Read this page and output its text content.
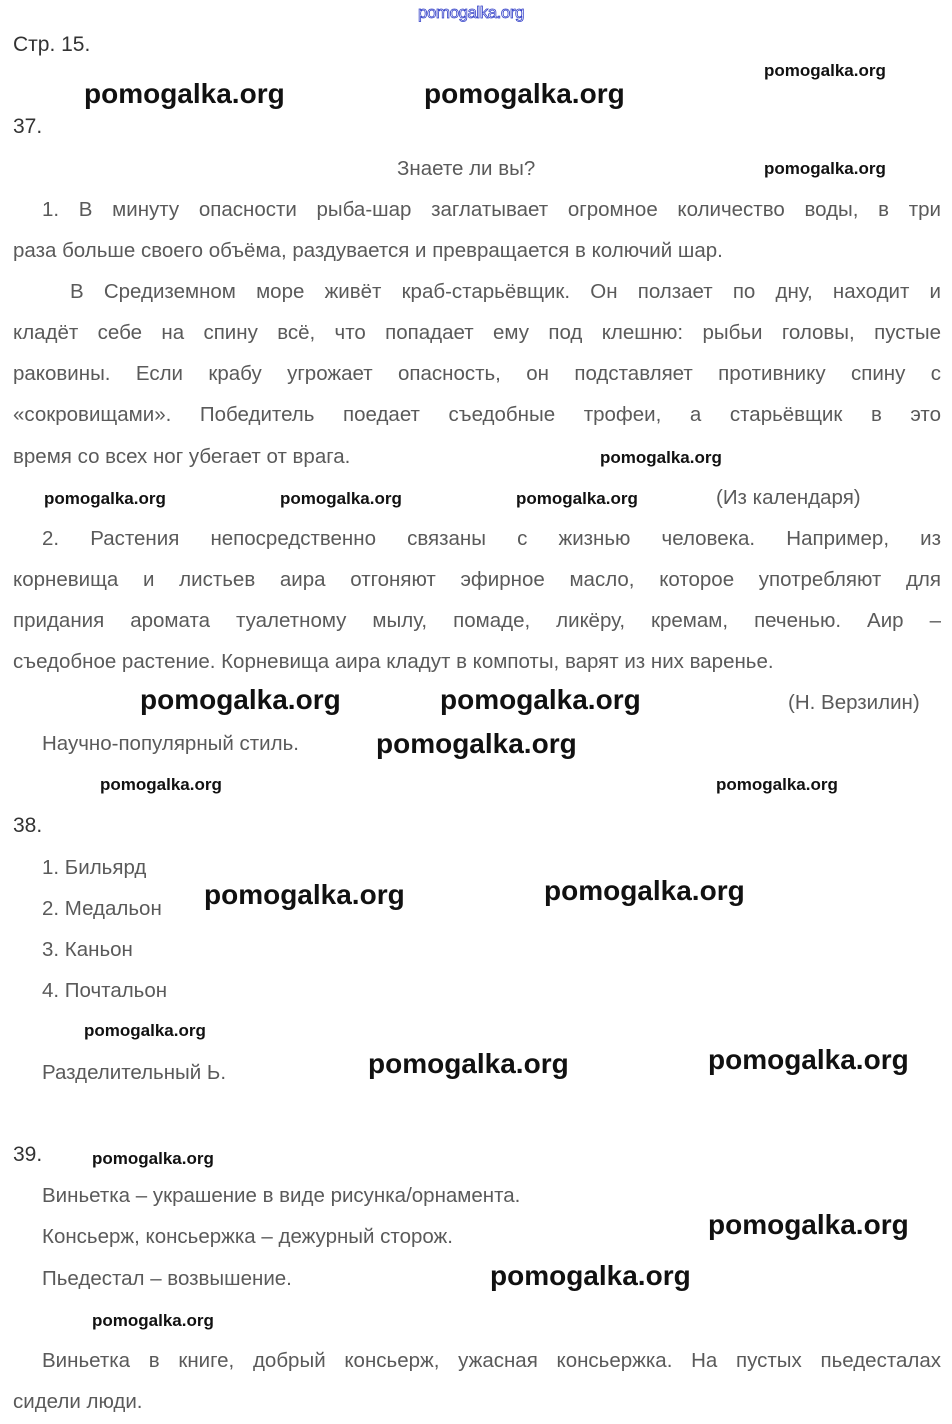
pomogalka.org
Стр. 15.
37.
Знаете ли вы?
1. В минуту опасности рыба-шар заглатывает огромное количество воды, в три
раза больше своего объёма, раздувается и превращается в колючий шар.
В Средиземном море живёт краб-старьёвщик. Он ползает по дну, находит и
кладёт себе на спину всё, что попадает ему под клешню: рыбьи головы, пустые
раковины. Если крабу угрожает опасность, он подставляет противнику спину с
«сокровищами». Победитель поедает съедобные трофеи, а старьёвщик в это
время со всех ног убегает от врага.
(Из календаря)
2. Растения непосредственно связаны с жизнью человека. Например, из
корневища и листьев аира отгоняют эфирное масло, которое употребляют для
придания аромата туалетному мылу, помаде, ликёру, кремам, печенью. Аир –
съедобное растение. Корневища аира кладут в компоты, варят из них варенье.
(Н. Верзилин)
Научно-популярный стиль.
38.
1. Бильярд
2. Медальон
3. Каньон
4. Почтальон
Разделительный Ь.
39.
Виньетка – украшение в виде рисунка/орнамента.
Консьерж, консьержка – дежурный сторож.
Пьедестал – возвышение.
Виньетка в книге, добрый консьерж, ужасная консьержка. На пустых пьедесталах
сидели люди.
pomogalka.org
pomogalka.org	pomogalka.org
pomogalka.org
pomogalka.org
pomogalka.org	pomogalka.org	pomogalka.org
pomogalka.org	pomogalka.org
pomogalka.org
pomogalka.org
pomogalka.org
pomogalka.org	pomogalka.org
pomogalka.org
pomogalka.org	pomogalka.org
pomogalka.org
pomogalka.org
pomogalka.org
pomogalka.org
